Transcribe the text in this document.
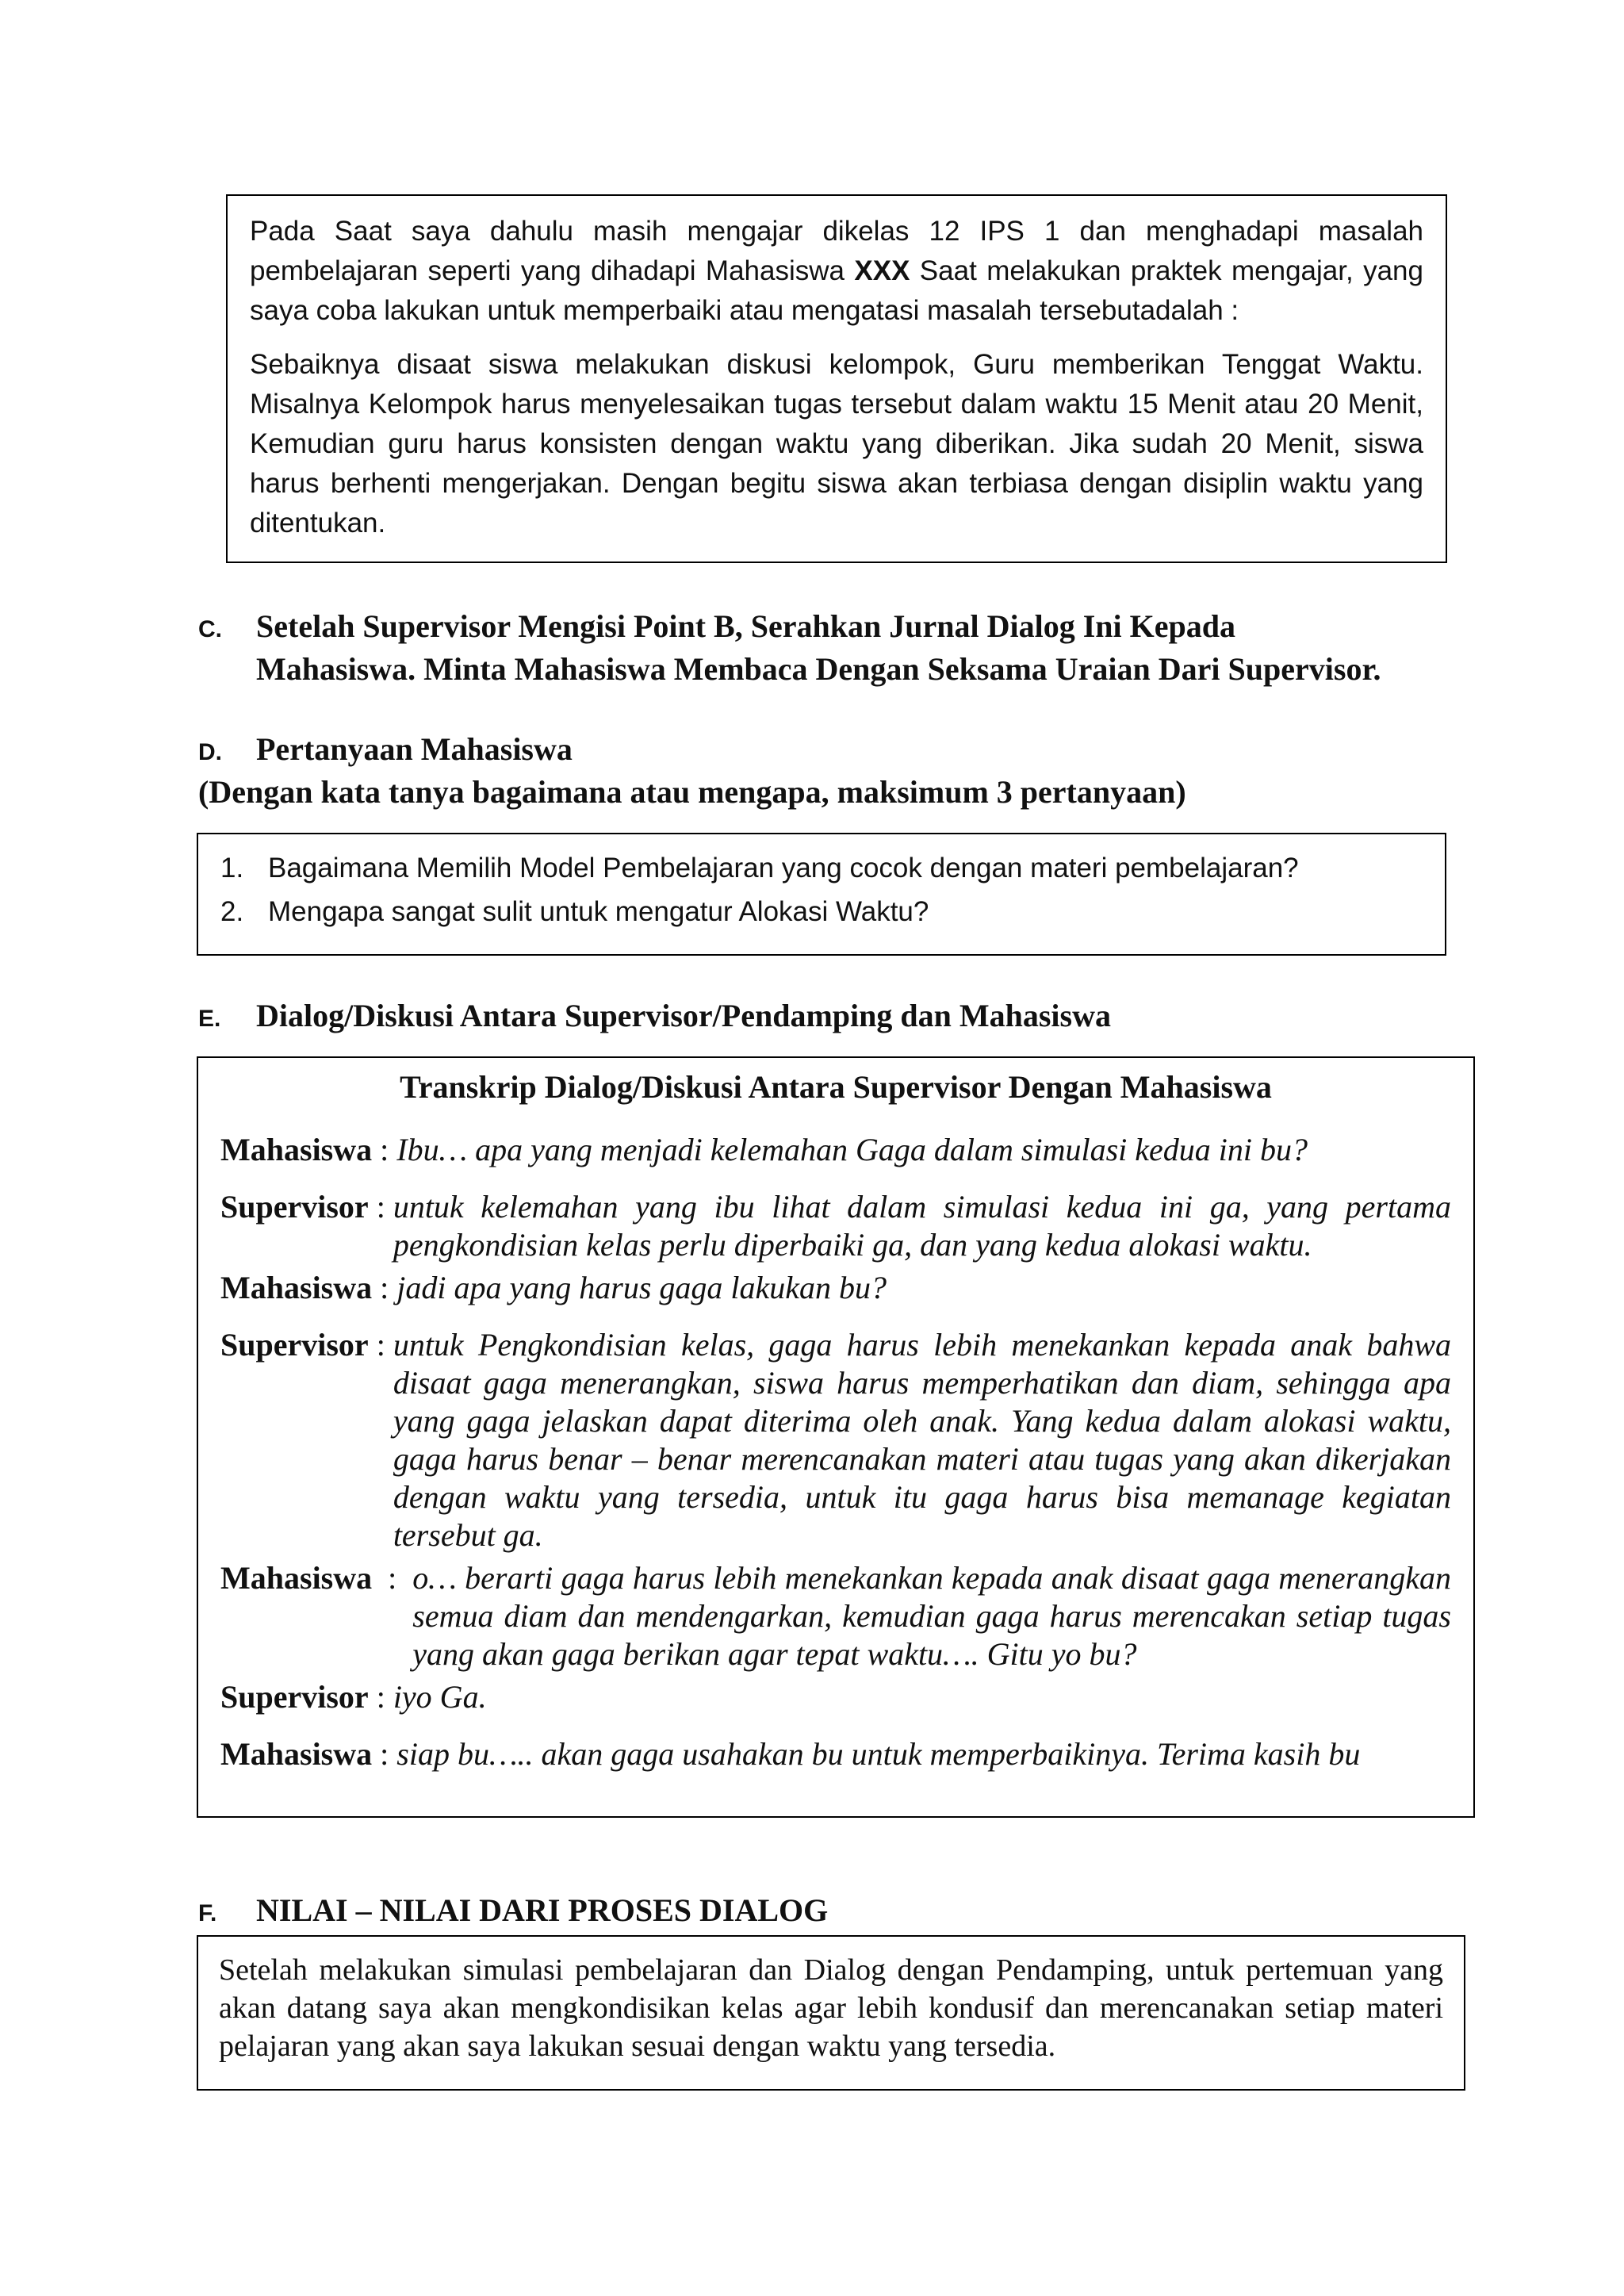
Pada Saat saya dahulu masih mengajar dikelas 12 IPS 1 dan menghadapi masalah pembelajaran seperti yang dihadapi Mahasiswa XXX Saat melakukan praktek mengajar, yang saya coba lakukan untuk memperbaiki atau mengatasi masalah tersebutadalah :

Sebaiknya disaat siswa melakukan diskusi kelompok, Guru memberikan Tenggat Waktu. Misalnya Kelompok harus menyelesaikan tugas tersebut dalam waktu 15 Menit atau 20 Menit, Kemudian guru harus konsisten dengan waktu yang diberikan. Jika sudah 20 Menit, siswa harus berhenti mengerjakan. Dengan begitu siswa akan terbiasa dengan disiplin waktu yang ditentukan.

C. Setelah Supervisor Mengisi Point B, Serahkan Jurnal Dialog Ini Kepada
Mahasiswa. Minta Mahasiswa Membaca Dengan Seksama Uraian Dari Supervisor.
D. Pertanyaan Mahasiswa
(Dengan kata tanya bagaimana atau mengapa, maksimum 3 pertanyaan)
1. Bagaimana Memilih Model Pembelajaran yang cocok dengan materi pembelajaran?
2. Mengapa sangat sulit untuk mengatur Alokasi Waktu?
E. Dialog/Diskusi Antara Supervisor/Pendamping dan Mahasiswa
Transkrip Dialog/Diskusi Antara Supervisor Dengan Mahasiswa
Mahasiswa : Ibu… apa yang menjadi kelemahan Gaga dalam simulasi kedua ini bu?
Supervisor : untuk kelemahan yang ibu lihat dalam simulasi kedua ini ga, yang pertama pengkondisian kelas perlu diperbaiki ga, dan yang kedua alokasi waktu.
Mahasiswa : jadi apa yang harus gaga lakukan bu?
Supervisor : untuk Pengkondisian kelas, gaga harus lebih menekankan kepada anak bahwa disaat gaga menerangkan, siswa harus memperhatikan dan diam, sehingga apa yang gaga jelaskan dapat diterima oleh anak. Yang kedua dalam alokasi waktu, gaga harus benar – benar merencanakan materi atau tugas yang akan dikerjakan dengan waktu yang tersedia, untuk itu gaga harus bisa memanage kegiatan tersebut ga.
Mahasiswa : o… berarti gaga harus lebih menekankan kepada anak disaat gaga menerangkan semua diam dan mendengarkan, kemudian gaga harus merencakan setiap tugas yang akan gaga berikan agar tepat waktu…. Gitu yo bu?
Supervisor : iyo Ga.
Mahasiswa : siap bu….. akan gaga usahakan bu untuk memperbaikinya. Terima kasih bu
F. NILAI – NILAI DARI PROSES DIALOG

Setelah melakukan simulasi pembelajaran dan Dialog dengan Pendamping, untuk pertemuan yang akan datang saya akan mengkondisikan kelas agar lebih kondusif dan merencanakan setiap materi pelajaran yang akan saya lakukan sesuai dengan waktu yang tersedia.
